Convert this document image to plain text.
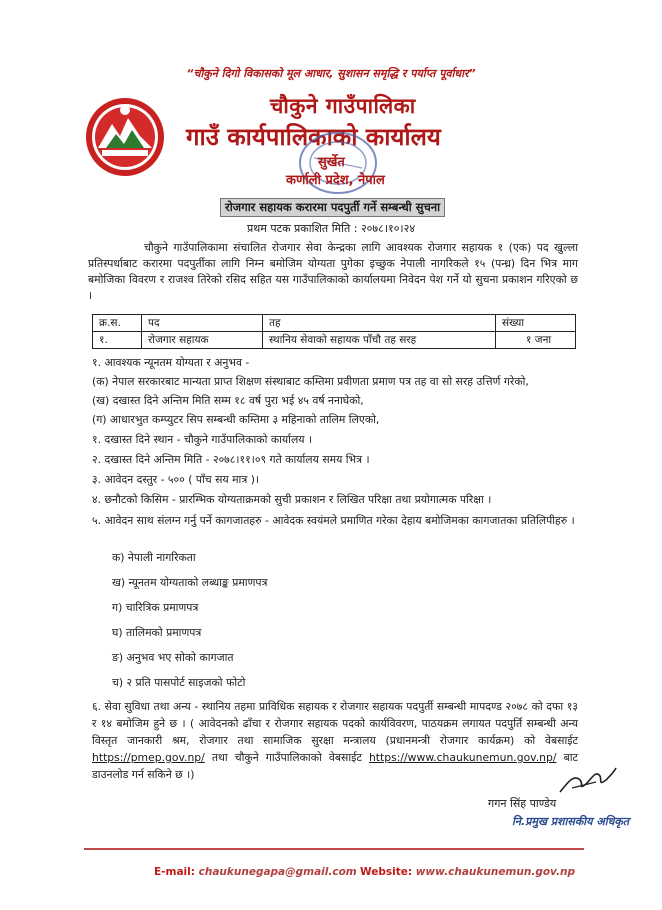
“चौकुने दिगो विकासको मूल आधार, सुशासन समृद्धि र पर्याप्त पूर्वाधार”
चौकुने गाउँपालिका
गाउँ कार्यपालिकाको कार्यालय
सुर्खेत
कर्णाली प्रदेश, नेपाल
रोजगार सहायक करारमा पदपुर्ती गर्ने सम्बन्धी सुचना
प्रथम पटक प्रकाशित मिति : २०७८।१०।२४
चौकुने गाउँपालिकामा संचालित रोजगार सेवा केन्द्रका लागि आवश्यक रोजगार सहायक १ (एक) पद खुल्ला प्रतिस्पर्धाबाट करारमा पदपुर्तीका लागि निम्न बमोजिम योग्यता पुगेका इच्छुक नेपाली नागरिकले १५ (पन्ध्र) दिन भित्र माग बमोजिका विवरण र राजश्व तिरेको रसिद सहित यस गाउँपालिकाको कार्यालयमा निवेदन पेश गर्ने यो सुचना प्रकाशन गरिएको छ ।
क्र.स.	पद	तह	संख्या
१.	रोजगार सहायक	स्थानिय सेवाको सहायक पाँचौ तह सरह	१ जना
१. आवश्यक न्यूनतम योग्यता र अनुभव -
(क) नेपाल सरकारबाट मान्यता प्राप्त शिक्षण संस्थाबाट कम्तिमा प्रवीणता प्रमाण पत्र तह वा सो सरह उत्तिर्ण गरेको,
(ख) दखास्त दिने अन्तिम मिति सम्म १८ वर्ष पुरा भई ४५ वर्ष ननाघेको,
(ग) आधारभुत कम्प्युटर सिप सम्बन्धी कम्तिमा ३ महिनाको तालिम लिएको,
१. दखास्त दिने स्थान - चौकुने गाउँपालिकाको कार्यालय ।
२. दखास्त दिने अन्तिम मिति - २०७८।११।०९ गते कार्यालय समय भित्र ।
३. आवेदन दस्तुर - ५०० ( पाँच सय मात्र )।
४. छनौटको किसिम - प्रारम्भिक योग्यताक्रमको सुची प्रकाशन र लिखित परिक्षा तथा प्रयोगात्मक परिक्षा ।
५. आवेदन साथ संलग्न गर्नु पर्ने कागजातहरु - आवेदक स्वयंमले प्रमाणित गरेका देहाय बमोजिमका कागजातका प्रतिलिपीहरु ।
क) नेपाली नागरिकता
ख) न्यूनतम योग्यताको लब्धाङ्क प्रमाणपत्र
ग) चारित्रिक प्रमाणपत्र
घ) तालिमको प्रमाणपत्र
ङ) अनुभव भए सोको कागजात
च) २ प्रति पासपोर्ट साइजको फोटो
६. सेवा सुविधा तथा अन्य - स्थानिय तहमा प्राविधिक सहायक र रोजगार सहायक पदपुर्ती सम्बन्धी मापदण्ड २०७८ को दफा १३ र १४ बमोजिम हुने छ । ( आवेदनको ढाँचा र रोजगार सहायक पदको कार्यविवरण, पाठयक्रम लगायत पदपुर्ति सम्बन्धी अन्य विस्तृत जानकारी श्रम, रोजगार तथा सामाजिक सुरक्षा मन्त्रालय (प्रधानमन्त्री रोजगार कार्यक्रम) को वेबसाईट https://pmep.gov.np/ तथा चौकुने गाउँपालिकाको वेबसाईट https://www.chaukunemun.gov.np/ बाट डाउनलोड गर्न सकिने छ ।)
गगन सिंह पाण्डेय
नि.प्रमुख प्रशासकीय अधिकृत
E-mail: chaukunegapa@gmail.com Website: www.chaukunemun.gov.np
